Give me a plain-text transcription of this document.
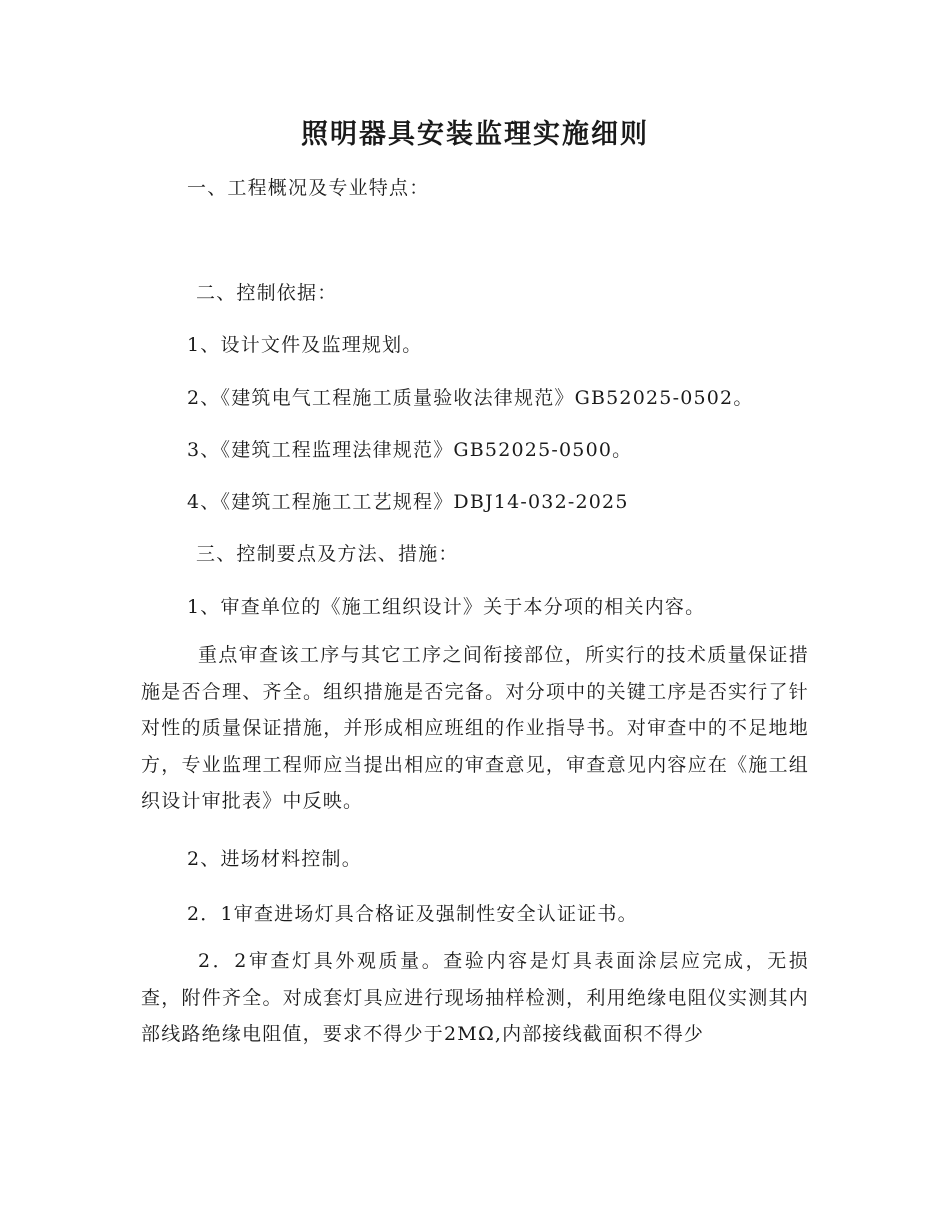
照明器具安装监理实施细则
一、工程概况及专业特点：
二、控制依据：
1、设计文件及监理规划。
2、《建筑电气工程施工质量验收法律规范》GB52025-0502。
3、《建筑工程监理法律规范》GB52025-0500。
4、《建筑工程施工工艺规程》DBJ14-032-2025
三、控制要点及方法、措施：
1、审查单位的《施工组织设计》关于本分项的相关内容。
重点审查该工序与其它工序之间衔接部位，所实行的技术质量保证措施是否合理、齐全。组织措施是否完备。对分项中的关键工序是否实行了针对性的质量保证措施，并形成相应班组的作业指导书。对审查中的不足地地方，专业监理工程师应当提出相应的审查意见，审查意见内容应在《施工组织设计审批表》中反映。
2、进场材料控制。
2．1审查进场灯具合格证及强制性安全认证证书。
2．2审查灯具外观质量。查验内容是灯具表面涂层应完成，无损查，附件齐全。对成套灯具应进行现场抽样检测，利用绝缘电阻仪实测其内部线路绝缘电阻值，要求不得少于2MΩ,内部接线截面积不得少
